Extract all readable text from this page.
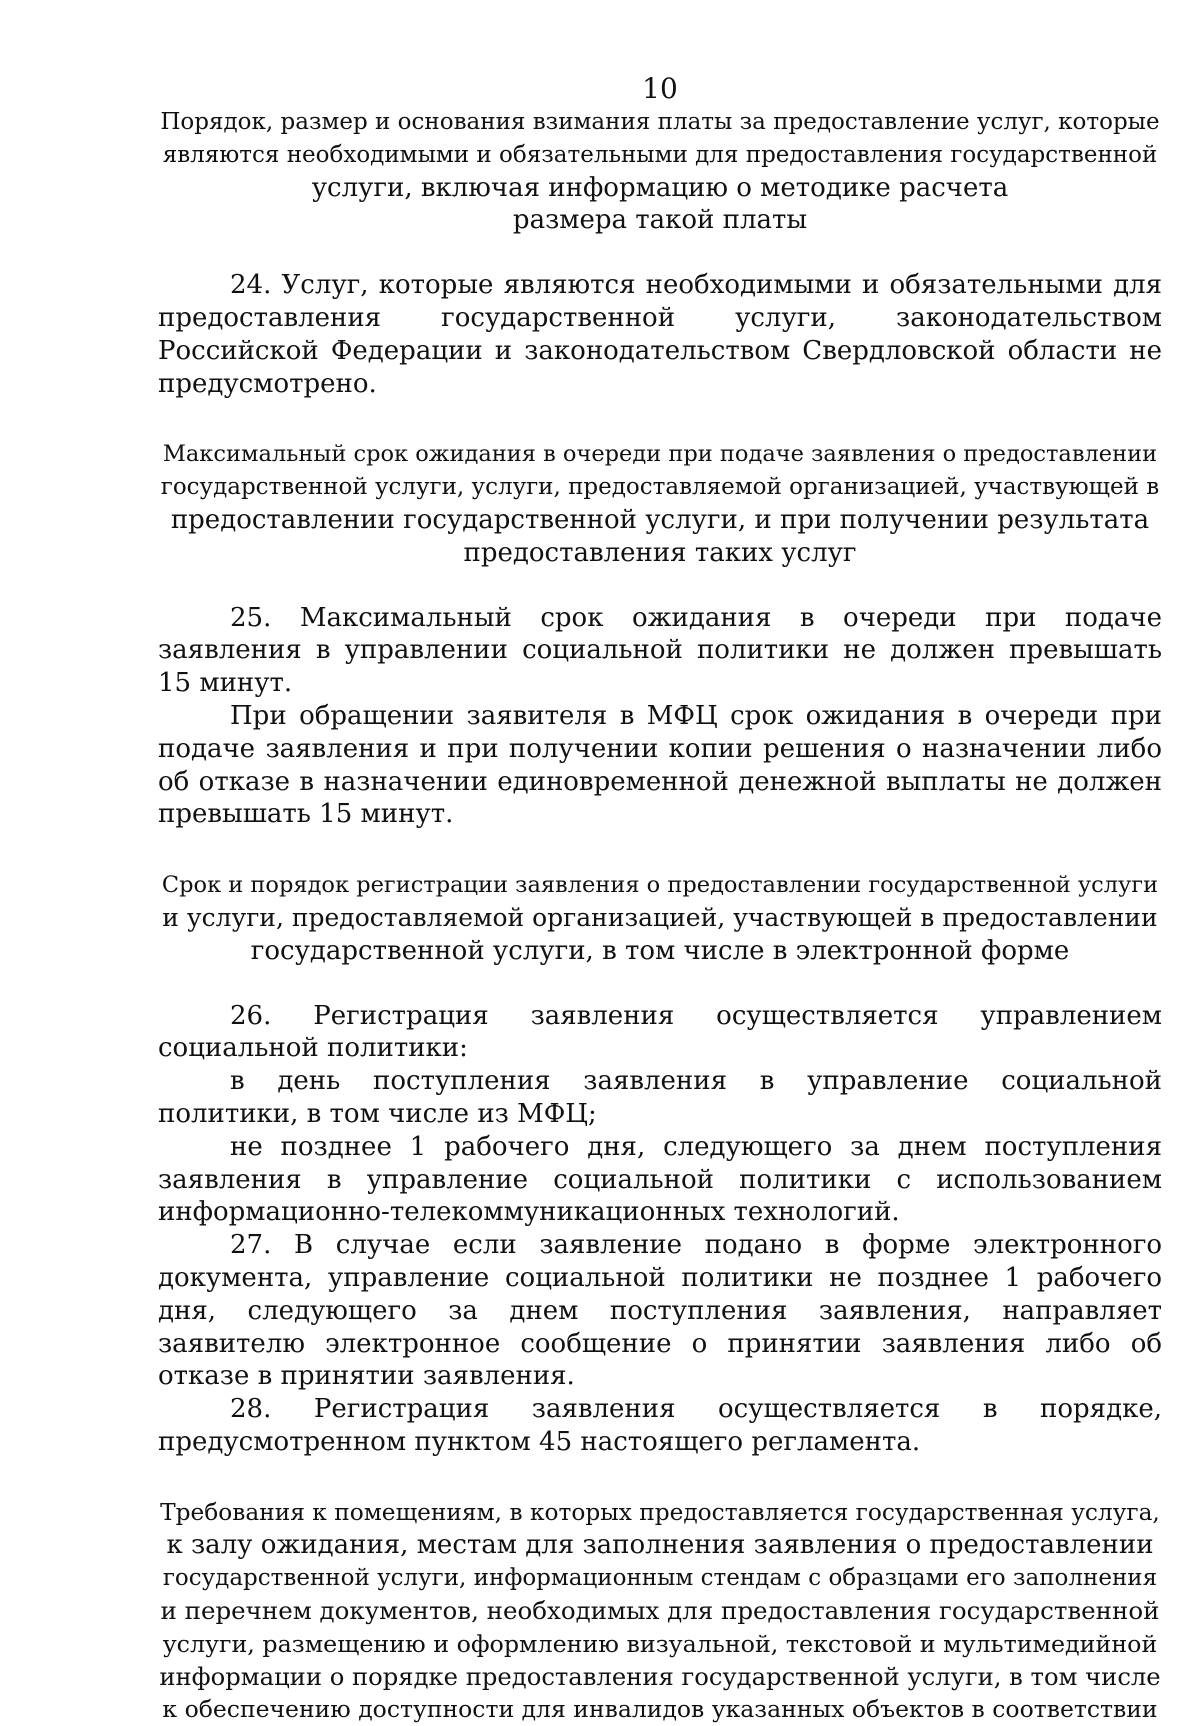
10
Порядок, размер и основания взимания платы за предоставление услуг, которые
являются необходимыми и обязательными для предоставления государственной
услуги, включая информацию о методике расчета
размера такой платы

24. Услуг, которые являются необходимыми и обязательными для предоставления государственной услуги, законодательством Российской Федерации и законодательством Свердловской области не предусмотрено.

Максимальный срок ожидания в очереди при подаче заявления о предоставлении
государственной услуги, услуги, предоставляемой организацией, участвующей в
предоставлении государственной услуги, и при получении результата
предоставления таких услуг

25. Максимальный срок ожидания в очереди при подаче заявления в управлении социальной политики не должен превышать 15 минут.

При обращении заявителя в МФЦ срок ожидания в очереди при подаче заявления и при получении копии решения о назначении либо об отказе в назначении единовременной денежной выплаты не должен превышать 15 минут.

Срок и порядок регистрации заявления о предоставлении государственной услуги
и услуги, предоставляемой организацией, участвующей в предоставлении
государственной услуги, в том числе в электронной форме

26. Регистрация заявления осуществляется управлением социальной политики:

в день поступления заявления в управление социальной политики, в том числе из МФЦ;

не позднее 1 рабочего дня, следующего за днем поступления заявления в управление социальной политики с использованием информационно-телекоммуникационных технологий.

27. В случае если заявление подано в форме электронного документа, управление социальной политики не позднее 1 рабочего дня, следующего за днем поступления заявления, направляет заявителю электронное сообщение о принятии заявления либо об отказе в принятии заявления.

28. Регистрация заявления осуществляется в порядке, предусмотренном пунктом 45 настоящего регламента.

Требования к помещениям, в которых предоставляется государственная услуга,
к залу ожидания, местам для заполнения заявления о предоставлении
государственной услуги, информационным стендам с образцами его заполнения
и перечнем документов, необходимых для предоставления государственной
услуги, размещению и оформлению визуальной, текстовой и мультимедийной
информации о порядке предоставления государственной услуги, в том числе
к обеспечению доступности для инвалидов указанных объектов в соответствии
